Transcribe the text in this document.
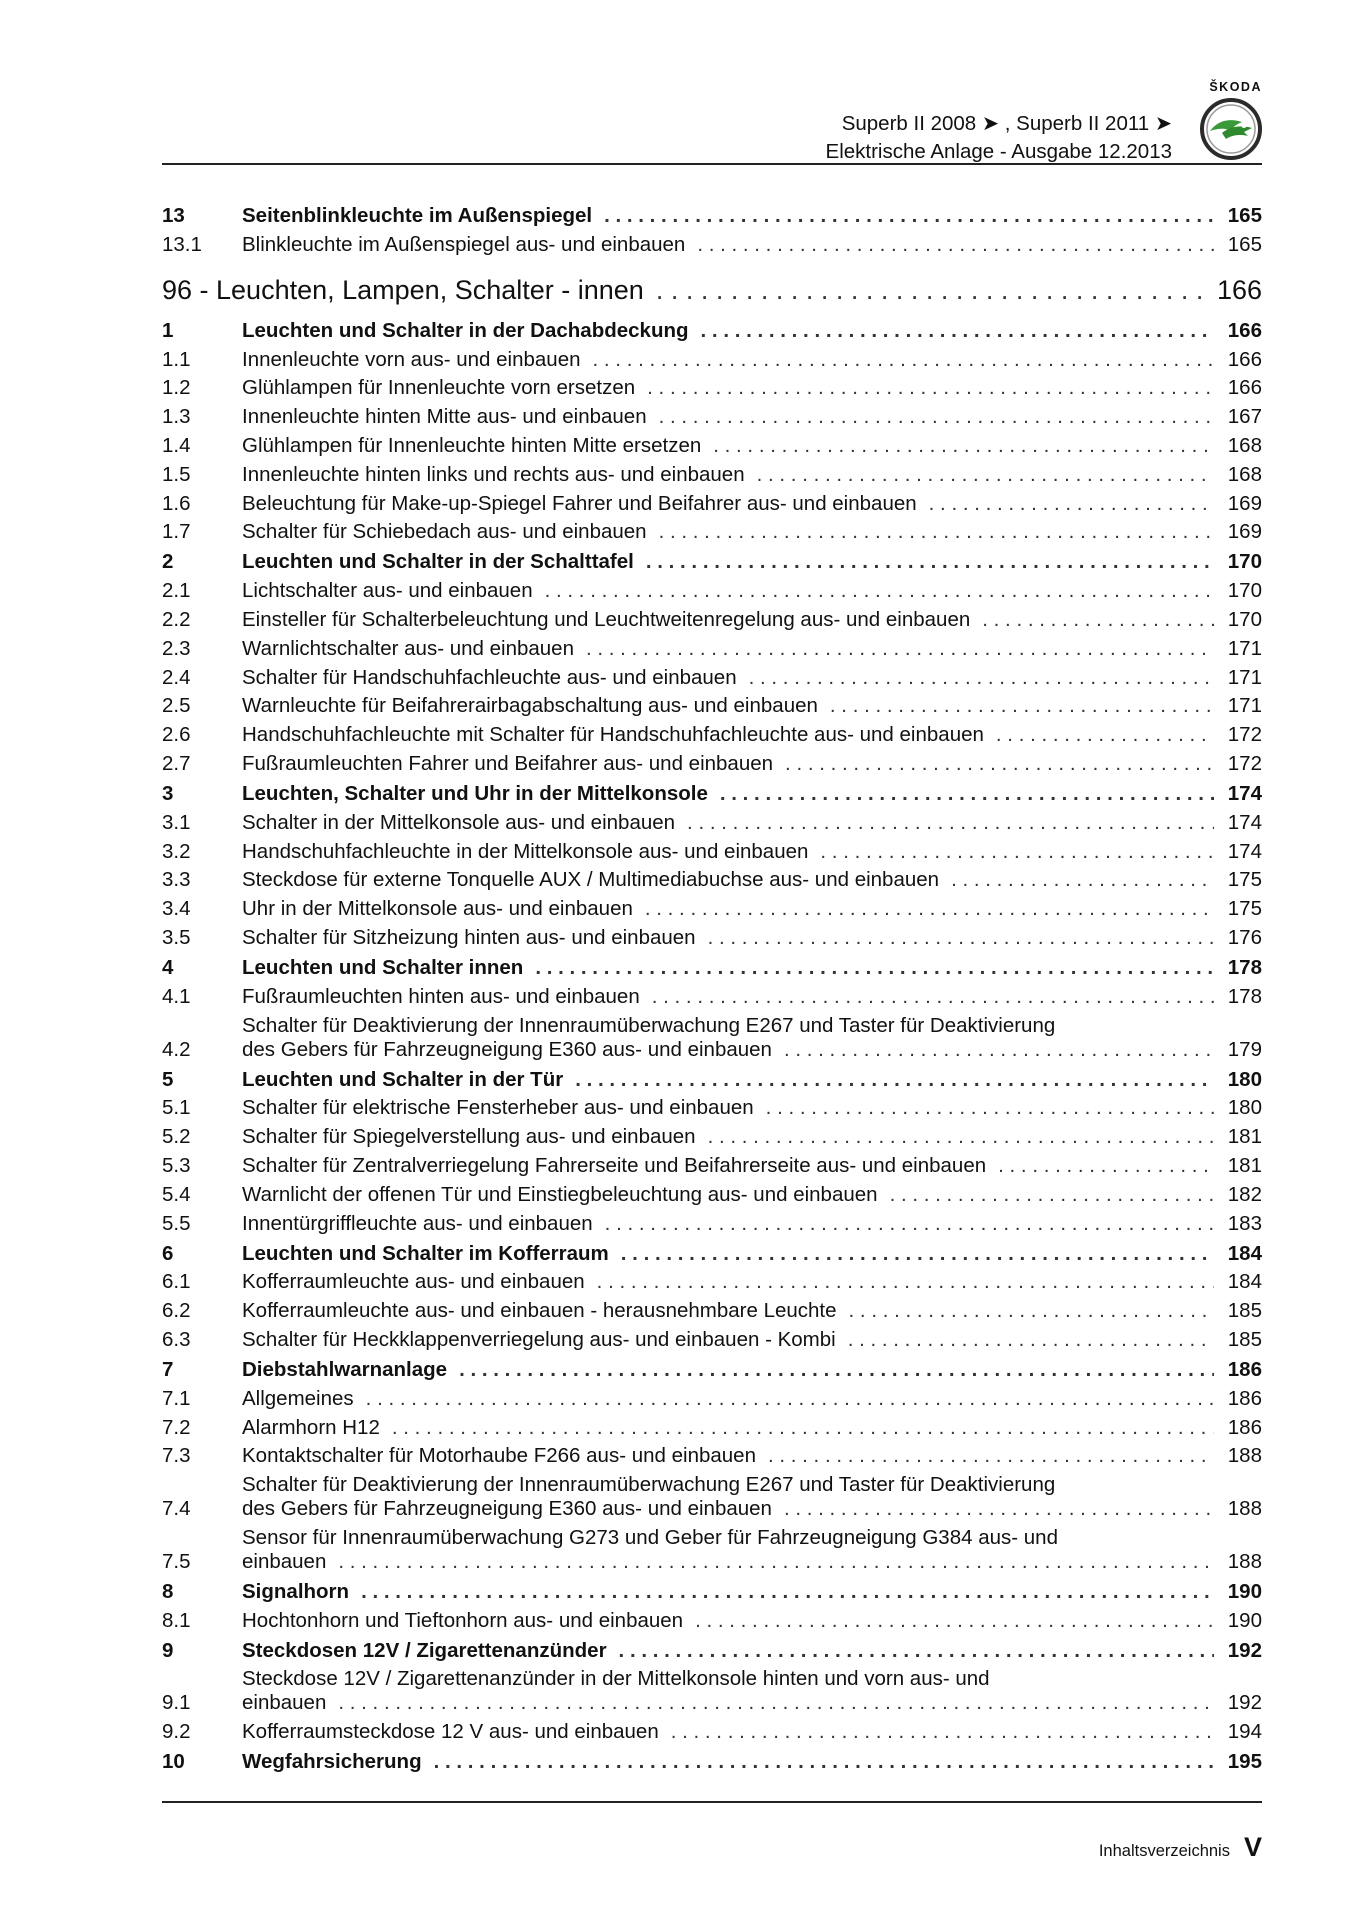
ŠKODA
Superb II 2008 ➤ , Superb II 2011 ➤
Elektrische Anlage - Ausgabe 12.2013
13	Seitenblinkleuchte im Außenspiegel . . .	165
13.1	Blinkleuchte im Außenspiegel aus- und einbauen . . .	165
96 - Leuchten, Lampen, Schalter - innen . . .	166
1	Leuchten und Schalter in der Dachabdeckung . . .	166
1.1	Innenleuchte vorn aus- und einbauen . . .	166
1.2	Glühlampen für Innenleuchte vorn ersetzen . . .	166
1.3	Innenleuchte hinten Mitte aus- und einbauen . . .	167
1.4	Glühlampen für Innenleuchte hinten Mitte ersetzen . . .	168
1.5	Innenleuchte hinten links und rechts aus- und einbauen . . .	168
1.6	Beleuchtung für Make-up-Spiegel Fahrer und Beifahrer aus- und einbauen . . .	169
1.7	Schalter für Schiebedach aus- und einbauen . . .	169
2	Leuchten und Schalter in der Schalttafel . . .	170
2.1	Lichtschalter aus- und einbauen . . .	170
2.2	Einsteller für Schalterbeleuchtung und Leuchtweitenregelung aus- und einbauen . . .	170
2.3	Warnlichtschalter aus- und einbauen . . .	171
2.4	Schalter für Handschuhfachleuchte aus- und einbauen . . .	171
2.5	Warnleuchte für Beifahrerairbagabschaltung aus- und einbauen . . .	171
2.6	Handschuhfachleuchte mit Schalter für Handschuhfachleuchte aus- und einbauen . . .	172
2.7	Fußraumleuchten Fahrer und Beifahrer aus- und einbauen . . .	172
3	Leuchten, Schalter und Uhr in der Mittelkonsole . . .	174
3.1	Schalter in der Mittelkonsole aus- und einbauen . . .	174
3.2	Handschuhfachleuchte in der Mittelkonsole aus- und einbauen . . .	174
3.3	Steckdose für externe Tonquelle AUX / Multimediabuchse aus- und einbauen . . .	175
3.4	Uhr in der Mittelkonsole aus- und einbauen . . .	175
3.5	Schalter für Sitzheizung hinten aus- und einbauen . . .	176
4	Leuchten und Schalter innen . . .	178
4.1	Fußraumleuchten hinten aus- und einbauen . . .	178
4.2
Schalter für Deaktivierung der Innenraumüberwachung E267 und Taster für Deaktivierung
des Gebers für Fahrzeugneigung E360 aus- und einbauen . . .	179
5	Leuchten und Schalter in der Tür . . .	180
5.1	Schalter für elektrische Fensterheber aus- und einbauen . . .	180
5.2	Schalter für Spiegelverstellung aus- und einbauen . . .	181
5.3	Schalter für Zentralverriegelung Fahrerseite und Beifahrerseite aus- und einbauen . . .	181
5.4	Warnlicht der offenen Tür und Einstiegbeleuchtung aus- und einbauen . . .	182
5.5	Innentürgriffleuchte aus- und einbauen . . .	183
6	Leuchten und Schalter im Kofferraum . . .	184
6.1	Kofferraumleuchte aus- und einbauen . . .	184
6.2	Kofferraumleuchte aus- und einbauen - herausnehmbare Leuchte . . .	185
6.3	Schalter für Heckklappenverriegelung aus- und einbauen - Kombi . . .	185
7	Diebstahlwarnanlage . . .	186
7.1	Allgemeines . . .	186
7.2	Alarmhorn H12 . . .	186
7.3	Kontaktschalter für Motorhaube F266 aus- und einbauen . . .	188
7.4
Schalter für Deaktivierung der Innenraumüberwachung E267 und Taster für Deaktivierung
des Gebers für Fahrzeugneigung E360 aus- und einbauen . . .	188
7.5
Sensor für Innenraumüberwachung G273 und Geber für Fahrzeugneigung G384 aus- und
einbauen . . .	188
8	Signalhorn . . .	190
8.1	Hochtonhorn und Tieftonhorn aus- und einbauen . . .	190
9	Steckdosen 12V / Zigarettenanzünder . . .	192
9.1
Steckdose 12V / Zigarettenanzünder in der Mittelkonsole hinten und vorn aus- und
einbauen . . .	192
9.2	Kofferraumsteckdose 12 V aus- und einbauen . . .	194
10	Wegfahrsicherung . . .	195
Inhaltsverzeichnis V
